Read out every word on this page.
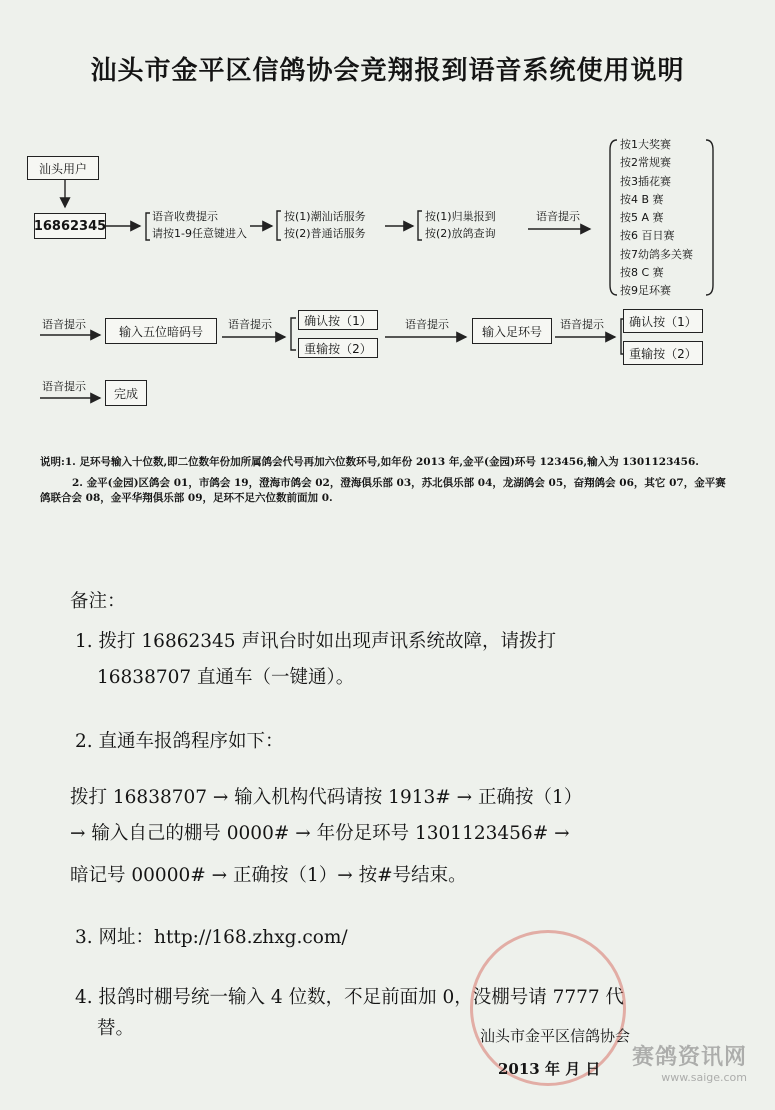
汕头市金平区信鸽协会竞翔报到语音系统使用说明
汕头用户
16862345
语音收费提示
请按1-9任意键进入
按(1)潮汕话服务
按(2)普通话服务
按(1)归巢报到
按(2)放鸽查询
语音提示
按1大奖赛
按2常规赛
按3插花赛
按4 B 赛
按5 A 赛
按6 百日赛
按7幼鸽多关赛
按8 C 赛
按9足环赛
语音提示	输入五位暗码号	语音提示	确认按（1）
重输按（2）
语音提示	输入足环号	语音提示	确认按（1）
重输按（2）
语音提示	完成

说明:1. 足环号输入十位数,即二位数年份加所属鸽会代号再加六位数环号,如年份 2013 年,金平(金园)环号 123456,输入为 1301123456.

2. 金平(金园)区鸽会 01，市鸽会 19，澄海市鸽会 02，澄海俱乐部 03，苏北俱乐部 04，龙湖鸽会 05，奋翔鸽会 06，其它 07，金平赛鸽联合会 08，金平华翔俱乐部 09，足环不足六位数前面加 0.

备注：
1. 拨打 16862345 声讯台时如出现声讯系统故障，请拨打
16838707 直通车（一键通）。
2. 直通车报鸽程序如下：
拨打 16838707 → 输入机构代码请按 1913# → 正确按（1）
→ 输入自己的棚号 0000# → 年份足环号 1301123456# →
暗记号 00000# → 正确按（1）→ 按#号结束。
3. 网址：http://168.zhxg.com/
4. 报鸽时棚号统一输入 4 位数，不足前面加 0，没棚号请 7777 代
替。	汕头市金平区信鸽协会
2013 年 月 日 赛鸽资讯网
www.saige.com
